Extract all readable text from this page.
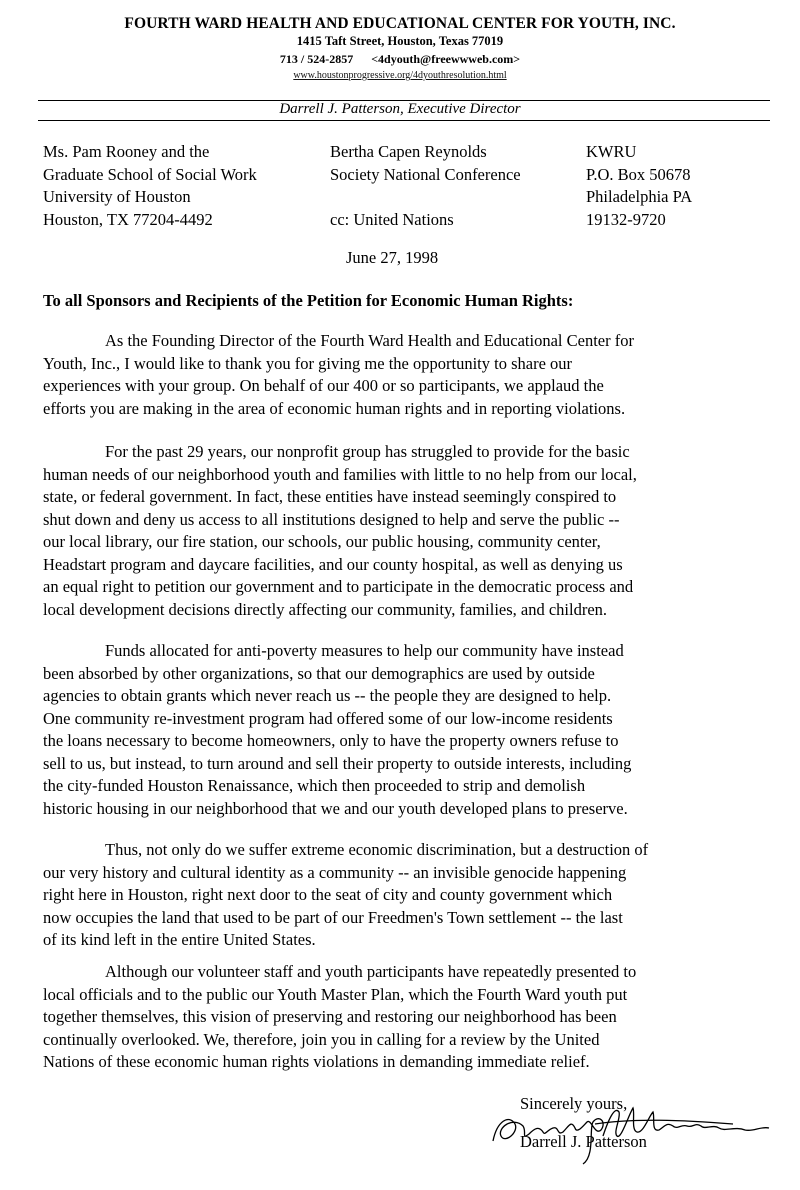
FOURTH WARD HEALTH AND EDUCATIONAL CENTER FOR YOUTH, INC.
1415 Taft Street, Houston, Texas 77019
713 / 524-2857 <4dyouth@freewwweb.com>
www.houstonprogressive.org/4dyouthresolution.html
Darrell J. Patterson, Executive Director
Ms. Pam Rooney and the
Graduate School of Social Work
University of Houston
Houston, TX 77204-4492
Bertha Capen Reynolds
Society National Conference
cc: United Nations
KWRU
P.O. Box 50678
Philadelphia PA
19132-9720
June 27, 1998
To all Sponsors and Recipients of the Petition for Economic Human Rights:
As the Founding Director of the Fourth Ward Health and Educational Center for
Youth, Inc., I would like to thank you for giving me the opportunity to share our
experiences with your group. On behalf of our 400 or so participants, we applaud the
efforts you are making in the area of economic human rights and in reporting violations.
For the past 29 years, our nonprofit group has struggled to provide for the basic
human needs of our neighborhood youth and families with little to no help from our local,
state, or federal government. In fact, these entities have instead seemingly conspired to
shut down and deny us access to all institutions designed to help and serve the public --
our local library, our fire station, our schools, our public housing, community center,
Headstart program and daycare facilities, and our county hospital, as well as denying us
an equal right to petition our government and to participate in the democratic process and
local development decisions directly affecting our community, families, and children.
Funds allocated for anti-poverty measures to help our community have instead
been absorbed by other organizations, so that our demographics are used by outside
agencies to obtain grants which never reach us -- the people they are designed to help.
One community re-investment program had offered some of our low-income residents
the loans necessary to become homeowners, only to have the property owners refuse to
sell to us, but instead, to turn around and sell their property to outside interests, including
the city-funded Houston Renaissance, which then proceeded to strip and demolish
historic housing in our neighborhood that we and our youth developed plans to preserve.
Thus, not only do we suffer extreme economic discrimination, but a destruction of
our very history and cultural identity as a community -- an invisible genocide happening
right here in Houston, right next door to the seat of city and county government which
now occupies the land that used to be part of our Freedmen's Town settlement -- the last
of its kind left in the entire United States.
Although our volunteer staff and youth participants have repeatedly presented to
local officials and to the public our Youth Master Plan, which the Fourth Ward youth put
together themselves, this vision of preserving and restoring our neighborhood has been
continually overlooked. We, therefore, join you in calling for a review by the United
Nations of these economic human rights violations in demanding immediate relief.
Sincerely yours,
Darrell J. Patterson
